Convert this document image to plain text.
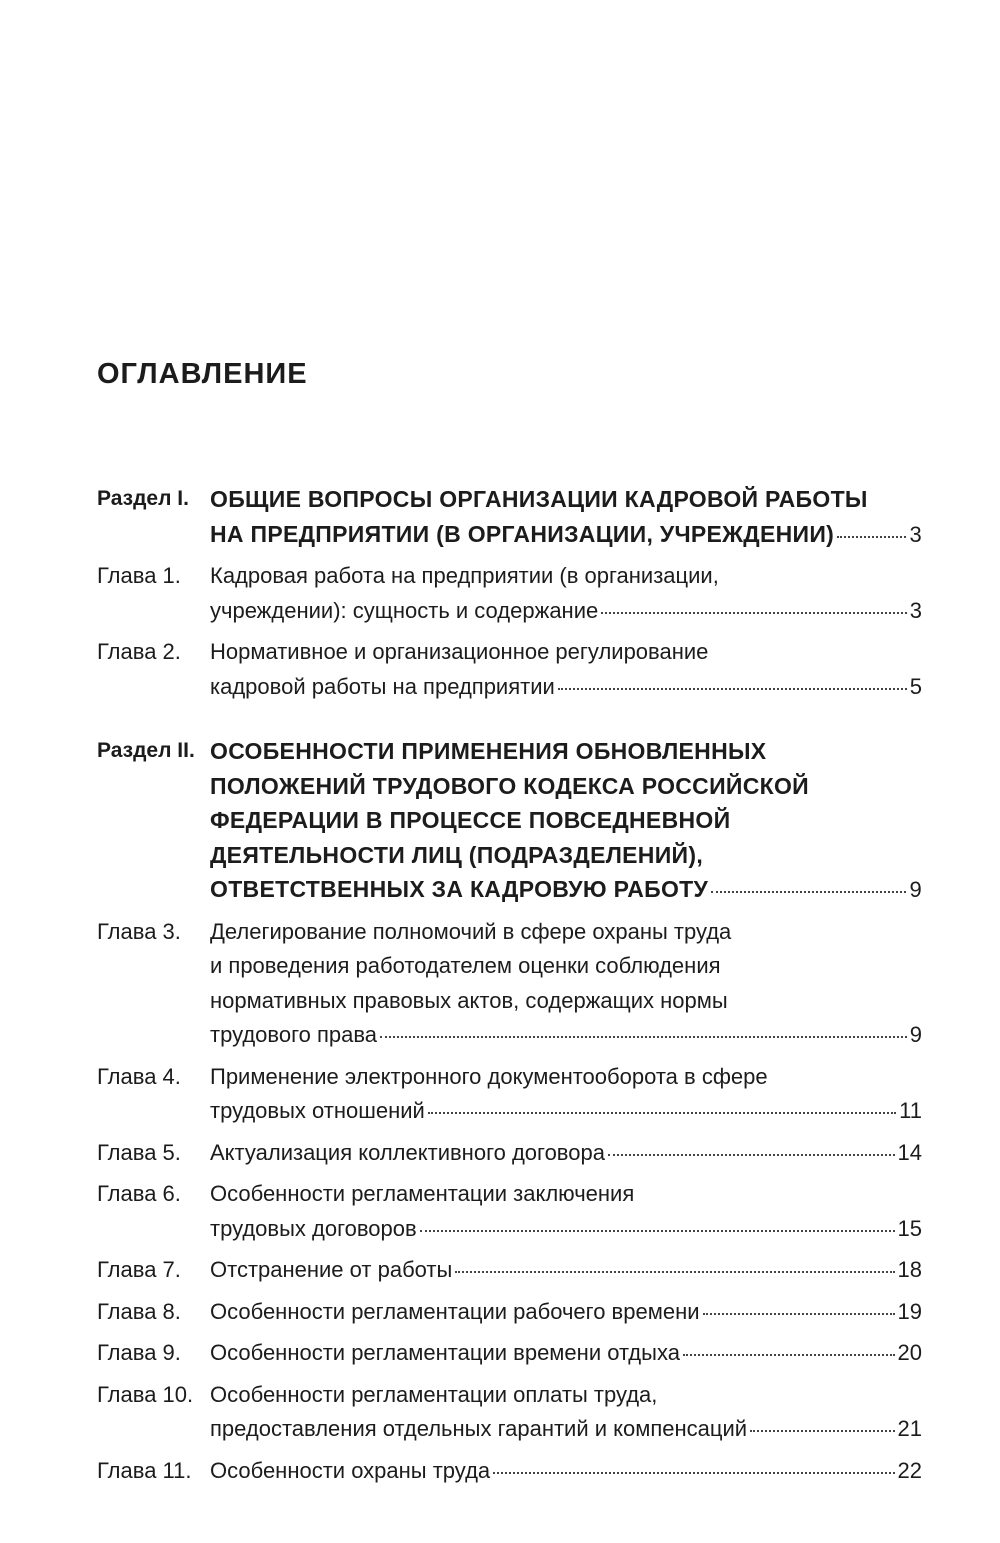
ОГЛАВЛЕНИЕ
Раздел I. ОБЩИЕ ВОПРОСЫ ОРГАНИЗАЦИИ КАДРОВОЙ РАБОТЫ
НА ПРЕДПРИЯТИИ (В ОРГАНИЗАЦИИ, УЧРЕЖДЕНИИ)	3
Глава 1.	Кадровая работа на предприятии (в организации,
учреждении): сущность и содержание	3
Глава 2.	Нормативное и организационное регулирование
кадровой работы на предприятии	5
Раздел II. ОСОБЕННОСТИ ПРИМЕНЕНИЯ ОБНОВЛЕННЫХ
ПОЛОЖЕНИЙ ТРУДОВОГО КОДЕКСА РОССИЙСКОЙ
ФЕДЕРАЦИИ В ПРОЦЕССЕ ПОВСЕДНЕВНОЙ
ДЕЯТЕЛЬНОСТИ ЛИЦ (ПОДРАЗДЕЛЕНИЙ),
ОТВЕТСТВЕННЫХ ЗА КАДРОВУЮ РАБОТУ	9
Глава 3.	Делегирование полномочий в сфере охраны труда
и проведения работодателем оценки соблюдения
нормативных правовых актов, содержащих нормы
трудового права	9
Глава 4.	Применение электронного документооборота в сфере
трудовых отношений	11
Глава 5.	Актуализация коллективного договора	14
Глава 6.	Особенности регламентации заключения
трудовых договоров	15
Глава 7.	Отстранение от работы	18
Глава 8.	Особенности регламентации рабочего времени	19
Глава 9.	Особенности регламентации времени отдыха	20
Глава 10. Особенности регламентации оплаты труда,
предоставления отдельных гарантий и компенсаций	21
Глава 11. Особенности охраны труда	22
